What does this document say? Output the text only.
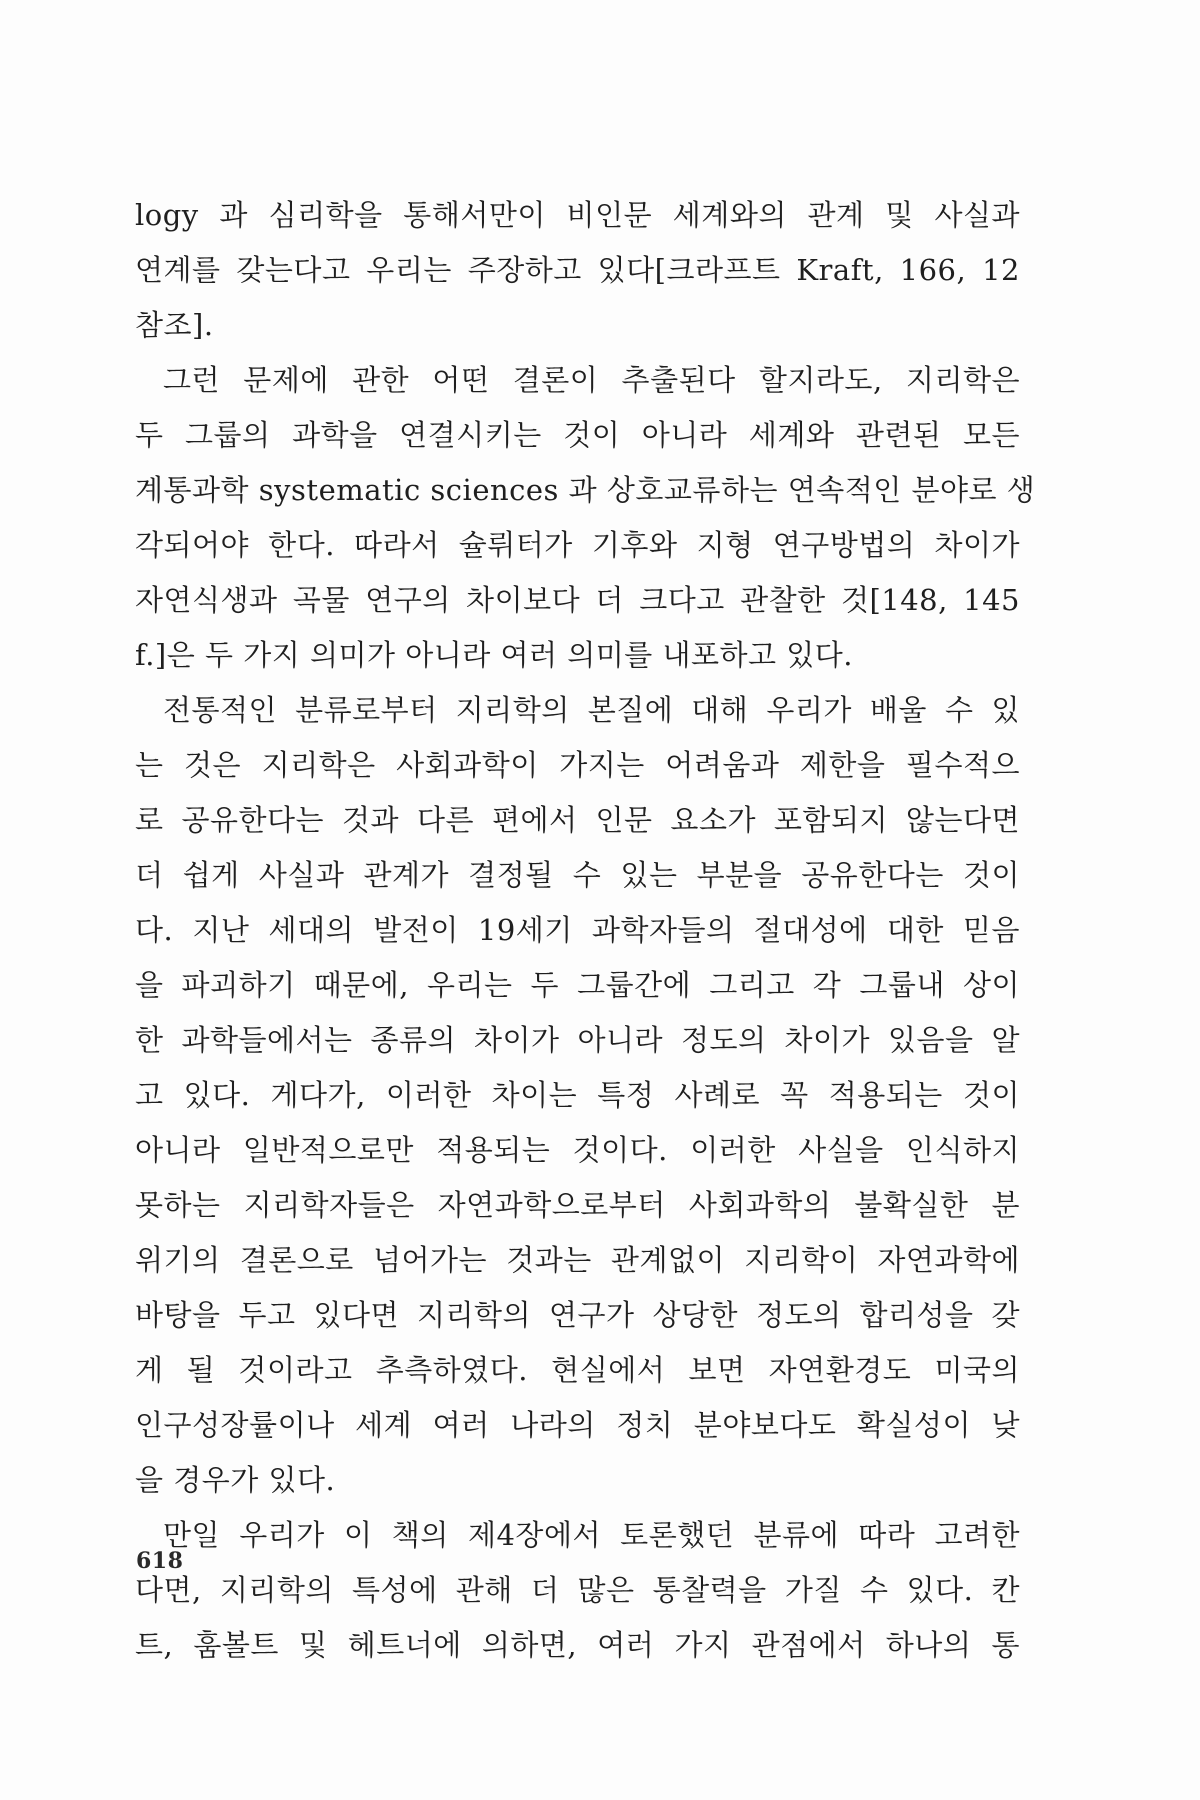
logy 과 심리학을 통해서만이 비인문 세계와의 관계 및 사실과
연계를 갖는다고 우리는 주장하고 있다[크라프트 Kraft, 166, 12
참조].
그런 문제에 관한 어떤 결론이 추출된다 할지라도, 지리학은
두 그룹의 과학을 연결시키는 것이 아니라 세계와 관련된 모든
계통과학 systematic sciences 과 상호교류하는 연속적인 분야로 생
각되어야 한다. 따라서 슐뤼터가 기후와 지형 연구방법의 차이가
자연식생과 곡물 연구의 차이보다 더 크다고 관찰한 것[148, 145
f.]은 두 가지 의미가 아니라 여러 의미를 내포하고 있다.
전통적인 분류로부터 지리학의 본질에 대해 우리가 배울 수 있
는 것은 지리학은 사회과학이 가지는 어려움과 제한을 필수적으
로 공유한다는 것과 다른 편에서 인문 요소가 포함되지 않는다면
더 쉽게 사실과 관계가 결정될 수 있는 부분을 공유한다는 것이
다. 지난 세대의 발전이 19세기 과학자들의 절대성에 대한 믿음
을 파괴하기 때문에, 우리는 두 그룹간에 그리고 각 그룹내 상이
한 과학들에서는 종류의 차이가 아니라 정도의 차이가 있음을 알
고 있다. 게다가, 이러한 차이는 특정 사례로 꼭 적용되는 것이
아니라 일반적으로만 적용되는 것이다. 이러한 사실을 인식하지
못하는 지리학자들은 자연과학으로부터 사회과학의 불확실한 분
위기의 결론으로 넘어가는 것과는 관계없이 지리학이 자연과학에
바탕을 두고 있다면 지리학의 연구가 상당한 정도의 합리성을 갖
게 될 것이라고 추측하였다. 현실에서 보면 자연환경도 미국의
인구성장률이나 세계 여러 나라의 정치 분야보다도 확실성이 낮
을 경우가 있다.
만일 우리가 이 책의 제4장에서 토론했던 분류에 따라 고려한
다면, 지리학의 특성에 관해 더 많은 통찰력을 가질 수 있다. 칸
트, 훔볼트 및 헤트너에 의하면, 여러 가지 관점에서 하나의 통
618
